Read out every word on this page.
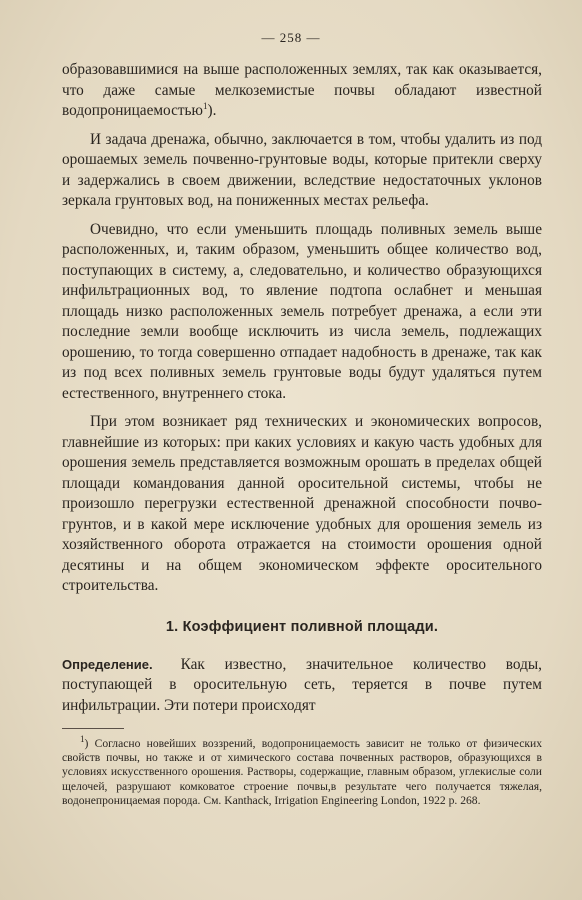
— 258 —

образовавшимися на выше расположенных землях, так как оказывается, что даже самые мелкоземистые почвы обладают известной водопроницаемостью$^1$).

И задача дренажа, обычно, заключается в том, чтобы удалить из под орошаемых земель почвенно-грунтовые воды, которые притекли сверху и задержались в своем движении, вследствие недостаточных уклонов зеркала грунтовых вод, на пониженных местах рельефа.

Очевидно, что если уменьшить площадь поливных земель выше расположенных, и, таким образом, уменьшить общее количество вод, поступающих в систему, а, следовательно, и количество образующихся инфильтрационных вод, то явление подтопа ослабнет и меньшая площадь низко расположенных земель потребует дренажа, а если эти последние земли вообще исключить из числа земель, подлежащих орошению, то тогда совершенно отпадает надобность в дренаже, так как из под всех поливных земель грунтовые воды будут удаляться путем естественного, внутреннего стока.

При этом возникает ряд технических и экономических вопросов, главнейшие из которых: при каких условиях и какую часть удобных для орошения земель представляется возможным орошать в пределах общей площади командования данной оросительной системы, чтобы не произошло перегрузки естественной дренажной способности почво-грунтов, и в какой мере исключение удобных для орошения земель из хозяйственного оборота отражается на стоимости орошения одной десятины и на общем экономическом эффекте оросительного строительства.

1. Коэффициент поливной площади.

Определение. Как известно, значительное количество воды, поступающей в оросительную сеть, теряется в почве путем инфильтрации. Эти потери происходят

$^1$) Согласно новейших воззрений, водопроницаемость зависит не только от физических свойств почвы, но также и от химического состава почвенных растворов, образующихся в условиях искусственного орошения. Растворы, содержащие, главным образом, углекислые соли щелочей, разрушают комковатое строение почвы,в результате чего получается тяжелая, водонепроницаемая порода. См. Kanthack, Irrigation Engineering London, 1922 p. 268.
